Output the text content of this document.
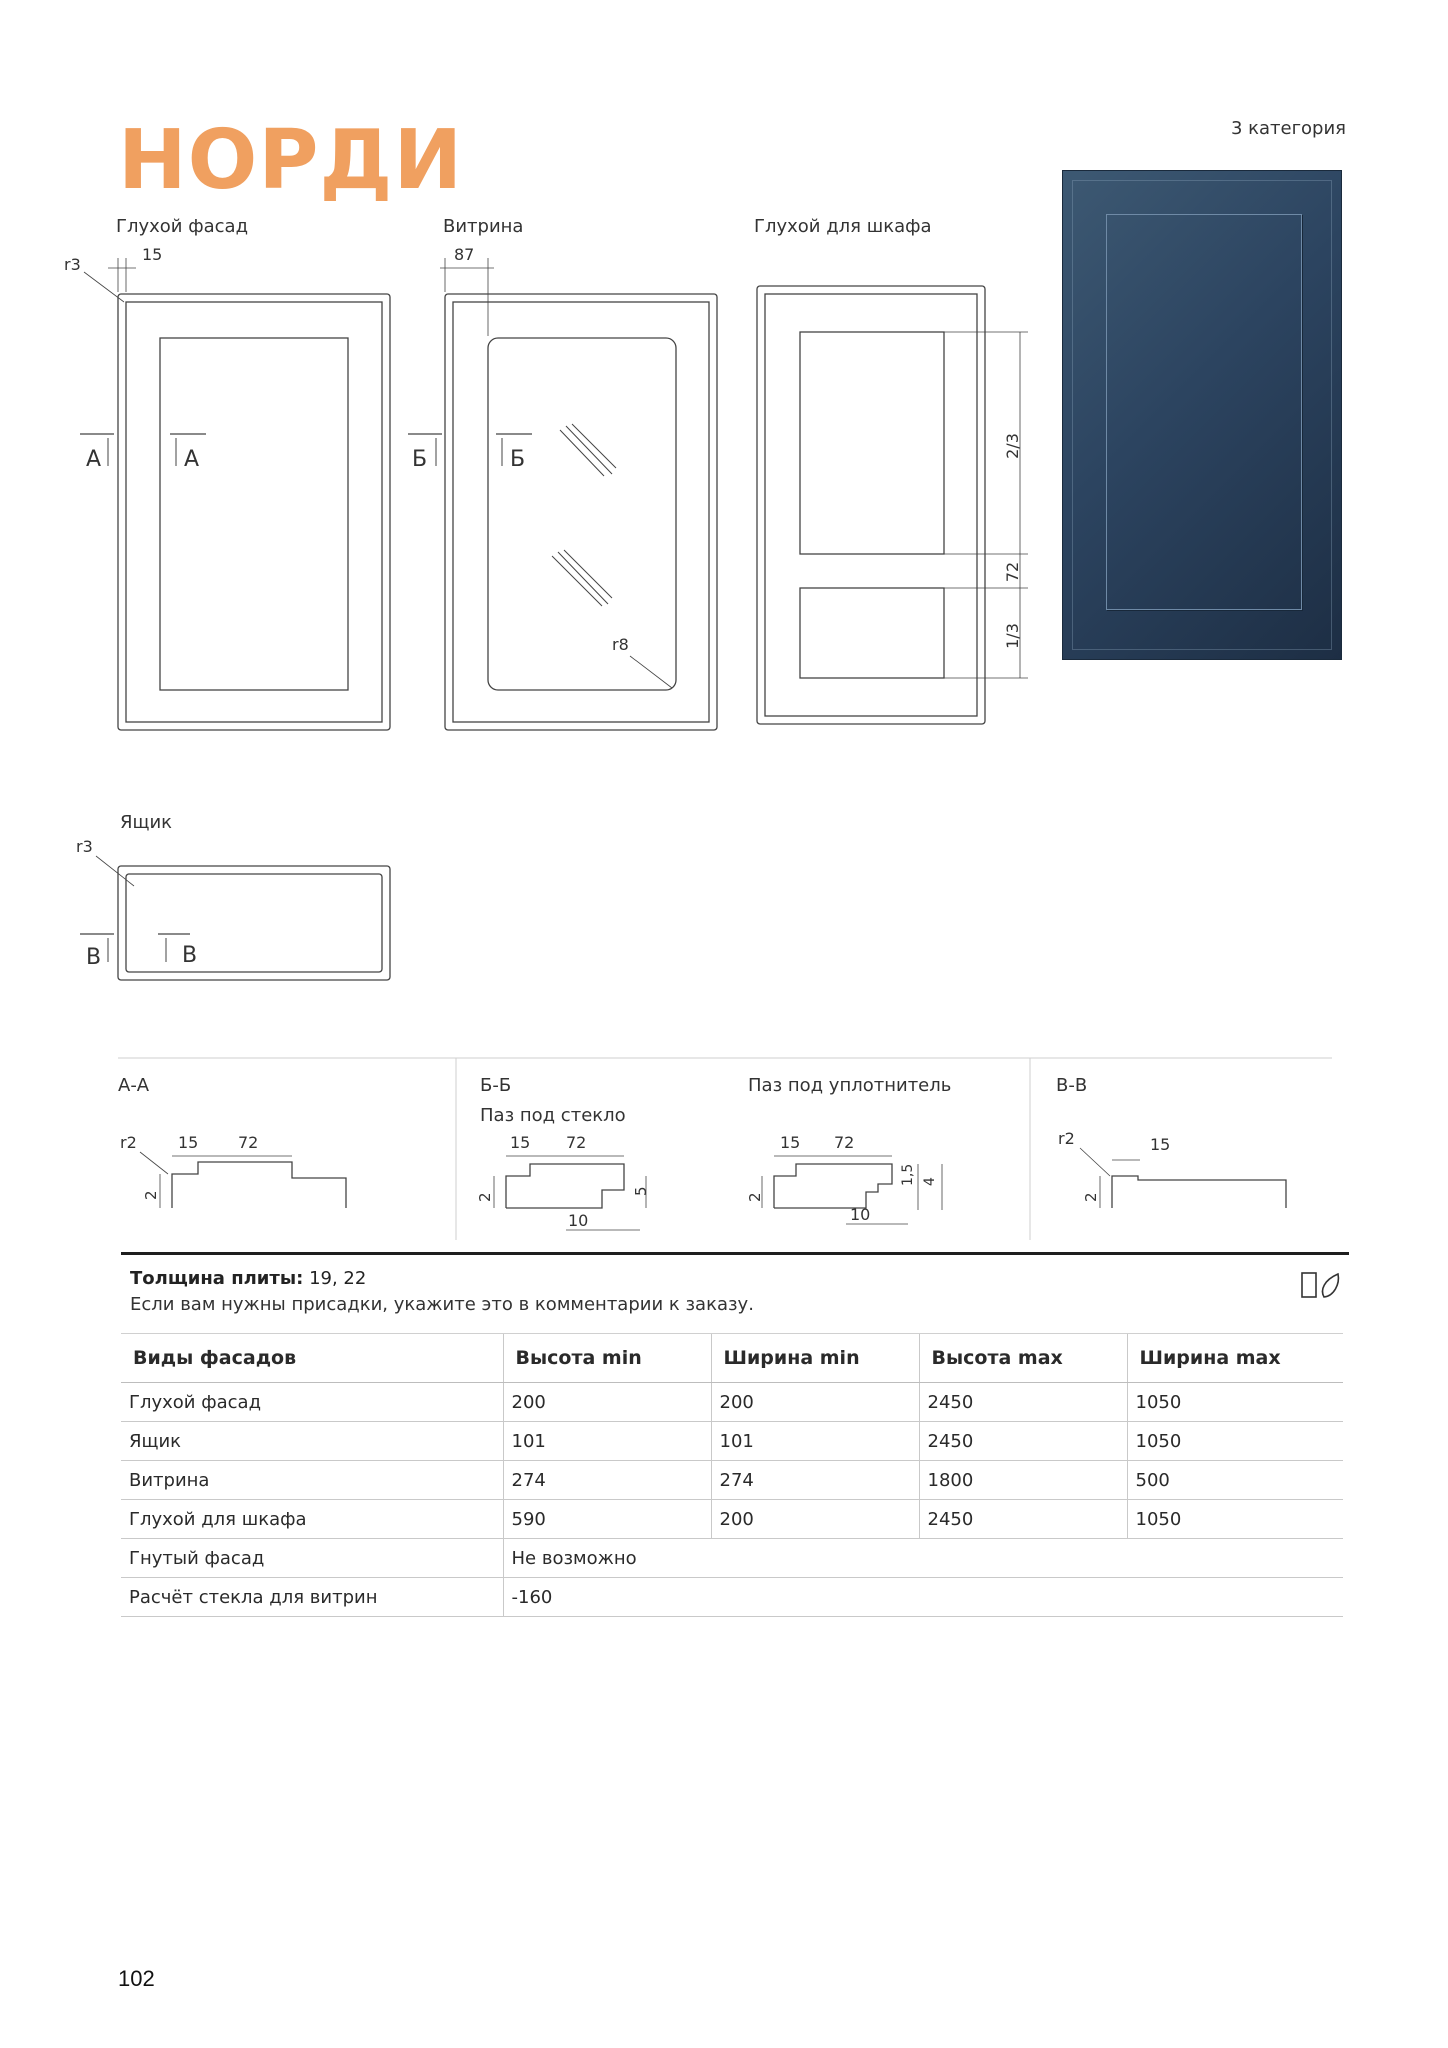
НОРДИ	3 категория
Глухой фасад	Витрина	Глухой для шкафа
Ящик
А-А	Б-Б
Паз под стекло
Паз под уплотнитель	В-В
15
r3
А	А
87
r8
Б	Б
2/3
72
1/3
r3
В	В
r2	15 72
2
15 72
2
10
5
15 72
2
10
1,5 4
r2	15
2
Толщина плиты: 19, 22
Если вам нужны присадки, укажите это в комментарии к заказу.
Виды фасадов	Высота min	Ширина min	Высота max	Ширина max
Глухой фасад	200	200	2450	1050
Ящик	101	101	2450	1050
Витрина	274	274	1800	500
Глухой для шкафа	590	200	2450	1050
Гнутый фасад	Не возможно			
Расчёт стекла для витрин	-160			
102
